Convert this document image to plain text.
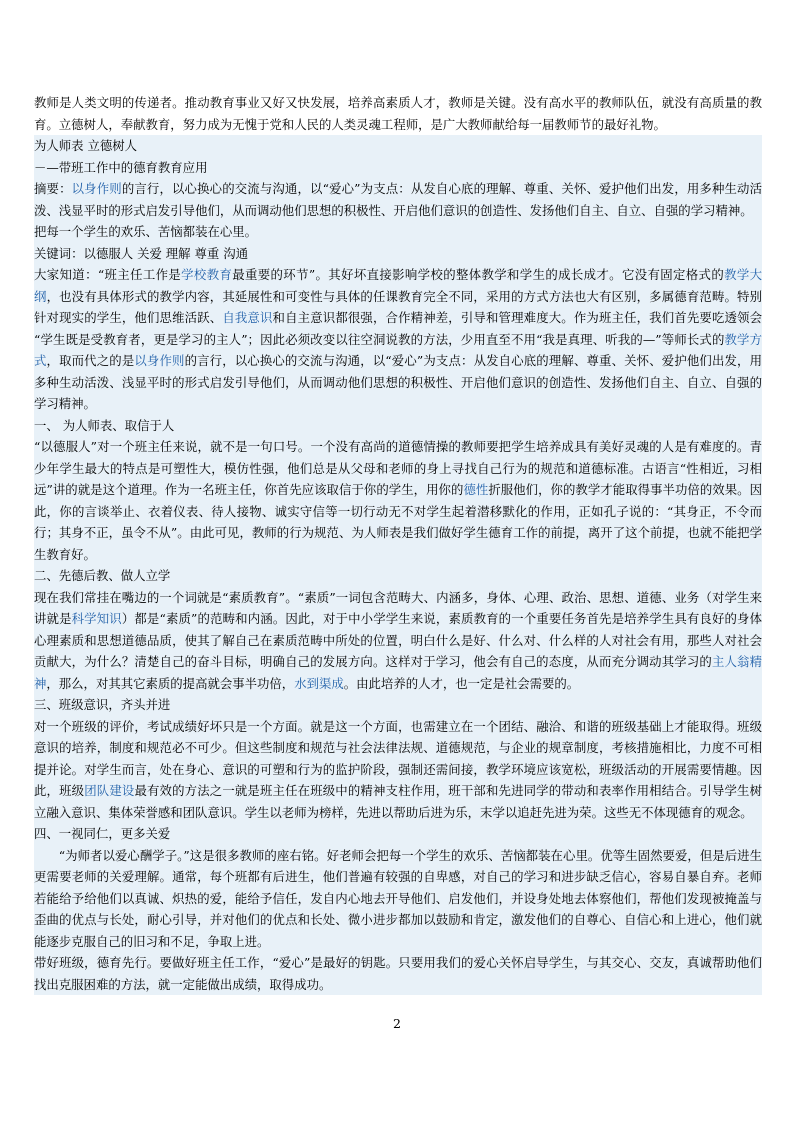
教师是人类文明的传递者。推动教育事业又好又快发展，培养高素质人才，教师是关键。没有高水平的教师队伍，就没有高质量的教育。立德树人，奉献教育，努力成为无愧于党和人民的人类灵魂工程师，是广大教师献给每一届教师节的最好礼物。

为人师表 立德树人

－—带班工作中的德育教育应用

摘要：以身作则的言行，以心换心的交流与沟通，以“爱心”为支点：从发自心底的理解、尊重、关怀、爱护他们出发，用多种生动活泼、浅显平时的形式启发引导他们，从而调动他们思想的积极性、开启他们意识的创造性、发扬他们自主、自立、自强的学习精神。

把每一个学生的欢乐、苦恼都装在心里。

关键词：以德服人 关爱 理解 尊重 沟通

大家知道：“班主任工作是学校教育最重要的环节”。其好坏直接影响学校的整体教学和学生的成长成才。它没有固定格式的教学大纲，也没有具体形式的教学内容，其延展性和可变性与具体的任课教育完全不同，采用的方式方法也大有区别，多属德育范畴。特别针对现实的学生，他们思维活跃、自我意识和自主意识都很强，合作精神差，引导和管理难度大。作为班主任，我们首先要吃透领会 “学生既是受教育者，更是学习的主人”；因此必须改变以往空洞说教的方法，少用直至不用“我是真理、听我的—”等师长式的教学方式，取而代之的是以身作则的言行，以心换心的交流与沟通，以“爱心”为支点：从发自心底的理解、尊重、关怀、爱护他们出发，用多种生动活泼、浅显平时的形式启发引导他们，从而调动他们思想的积极性、开启他们意识的创造性、发扬他们自主、自立、自强的学习精神。

一、 为人师表、取信于人

“以德服人”对一个班主任来说，就不是一句口号。一个没有高尚的道德情操的教师要把学生培养成具有美好灵魂的人是有难度的。青少年学生最大的特点是可塑性大，模仿性强，他们总是从父母和老师的身上寻找自己行为的规范和道德标准。古语言“性相近，习相远”讲的就是这个道理。作为一名班主任，你首先应该取信于你的学生，用你的德性折服他们，你的教学才能取得事半功倍的效果。因此，你的言谈举止、衣着仪表、待人接物、诚实守信等一切行动无不对学生起着潜移默化的作用，正如孔子说的：“其身正，不令而行；其身不正，虽令不从”。由此可见，教师的行为规范、为人师表是我们做好学生德育工作的前提，离开了这个前提，也就不能把学生教育好。

二、先德后教、做人立学

现在我们常挂在嘴边的一个词就是“素质教育”。“素质”一词包含范畴大、内涵多，身体、心理、政治、思想、道德、业务（对学生来讲就是科学知识）都是“素质”的范畴和内涵。因此，对于中小学学生来说，素质教育的一个重要任务首先是培养学生具有良好的身体心理素质和思想道德品质，使其了解自己在素质范畴中所处的位置，明白什么是好、什么对、什么样的人对社会有用，那些人对社会贡献大，为什么？清楚自己的奋斗目标，明确自己的发展方向。这样对于学习，他会有自己的态度，从而充分调动其学习的主人翁精神，那么，对其其它素质的提高就会事半功倍，水到渠成。由此培养的人才，也一定是社会需要的。

三、班级意识，齐头并进

对一个班级的评价，考试成绩好坏只是一个方面。就是这一个方面，也需建立在一个团结、融洽、和谐的班级基础上才能取得。班级意识的培养，制度和规范必不可少。但这些制度和规范与社会法律法规、道德规范，与企业的规章制度，考核措施相比，力度不可相提并论。对学生而言，处在身心、意识的可塑和行为的监护阶段，强制还需间接，教学环境应该宽松，班级活动的开展需要情趣。因此，班级团队建设最有效的方法之一就是班主任在班级中的精神支柱作用，班干部和先进同学的带动和表率作用相结合。引导学生树立融入意识、集体荣誉感和团队意识。学生以老师为榜样，先进以帮助后进为乐，末学以追赶先进为荣。这些无不体现德育的观念。

四、一视同仁，更多关爱

“为师者以爱心酬学子。”这是很多教师的座右铭。好老师会把每一个学生的欢乐、苦恼都装在心里。优等生固然要爱，但是后进生更需要老师的关爱理解。通常，每个班都有后进生，他们普遍有较强的自卑感，对自己的学习和进步缺乏信心，容易自暴自弃。老师若能给予给他们以真诚、炽热的爱，能给予信任，发自内心地去开导他们、启发他们，并设身处地去体察他们，帮他们发现被掩盖与歪曲的优点与长处，耐心引导，并对他们的优点和长处、微小进步都加以鼓励和肯定，激发他们的自尊心、自信心和上进心，他们就能逐步克服自己的旧习和不足，争取上进。

带好班级，德育先行。要做好班主任工作，“爱心”是最好的钥匙。只要用我们的爱心关怀启导学生，与其交心、交友，真诚帮助他们找出克服困难的方法，就一定能做出成绩，取得成功。

2
